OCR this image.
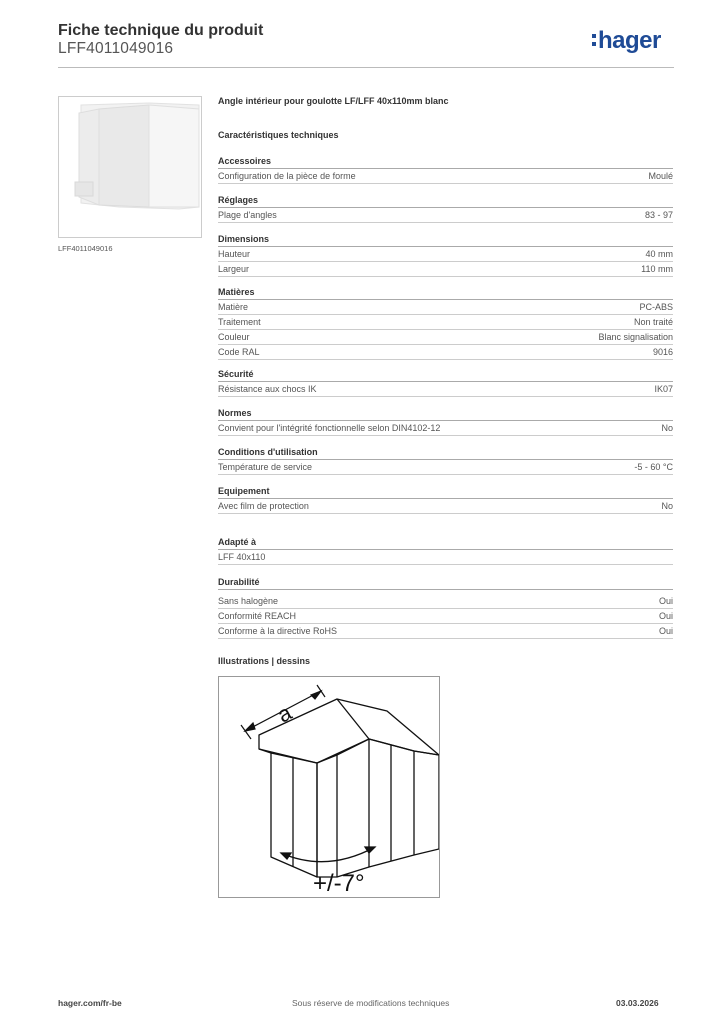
Fiche technique du produit
LFF4011049016	hager
LFF4011049016
Angle intérieur pour goulotte LF/LFF 40x110mm blanc
Caractéristiques techniques
Accessoires
Configuration de la pièce de forme	Moulé
Réglages
Plage d'angles	83 - 97
Dimensions
Hauteur	40 mm
Largeur	110 mm
Matières
Matière	PC-ABS
Traitement	Non traité
Couleur	Blanc signalisation
Code RAL	9016
Sécurité
Résistance aux chocs IK	IK07
Normes
Convient pour l'intégrité fonctionnelle selon DIN4102-12	No
Conditions d'utilisation
Température de service	-5 - 60 °C
Equipement
Avec film de protection	No
Adapté à
LFF 40x110
Durabilité
Sans halogène	Oui
Conformité REACH	Oui
Conforme à la directive RoHS	Oui
Illustrations | dessins
a
+/-7°
hager.com/fr-be	Sous réserve de modifications techniques	03.03.2026
